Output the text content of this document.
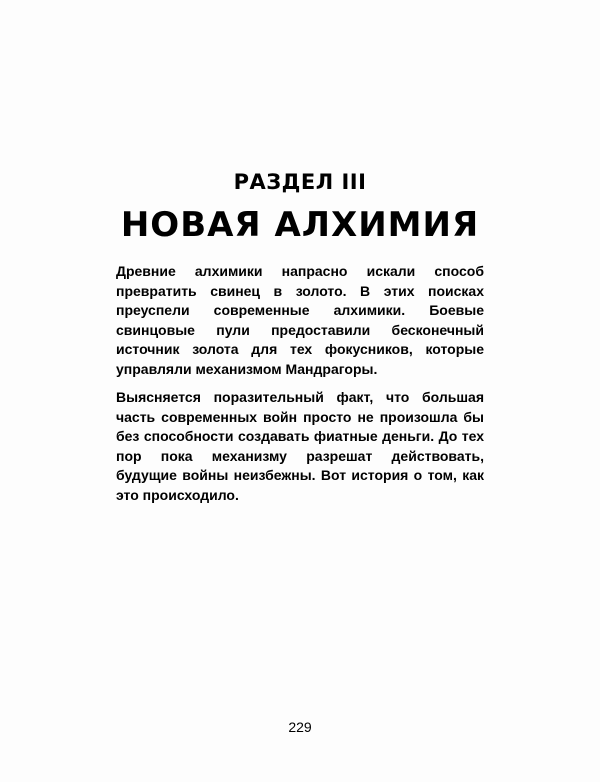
РАЗДЕЛ III
НОВАЯ АЛХИМИЯ

Древние алхимики напрасно искали способ превратить свинец в золото. В этих поисках преуспели современные алхимики. Боевые свинцовые пули предоставили бесконечный источник золота для тех фокусников, которые управляли механизмом Мандрагоры.

Выясняется поразительный факт, что большая часть современных войн просто не произошла бы без способности создавать фиатные деньги. До тех пор пока механизму разрешат действовать, будущие войны неизбежны. Вот история о том, как это происходило.

229
